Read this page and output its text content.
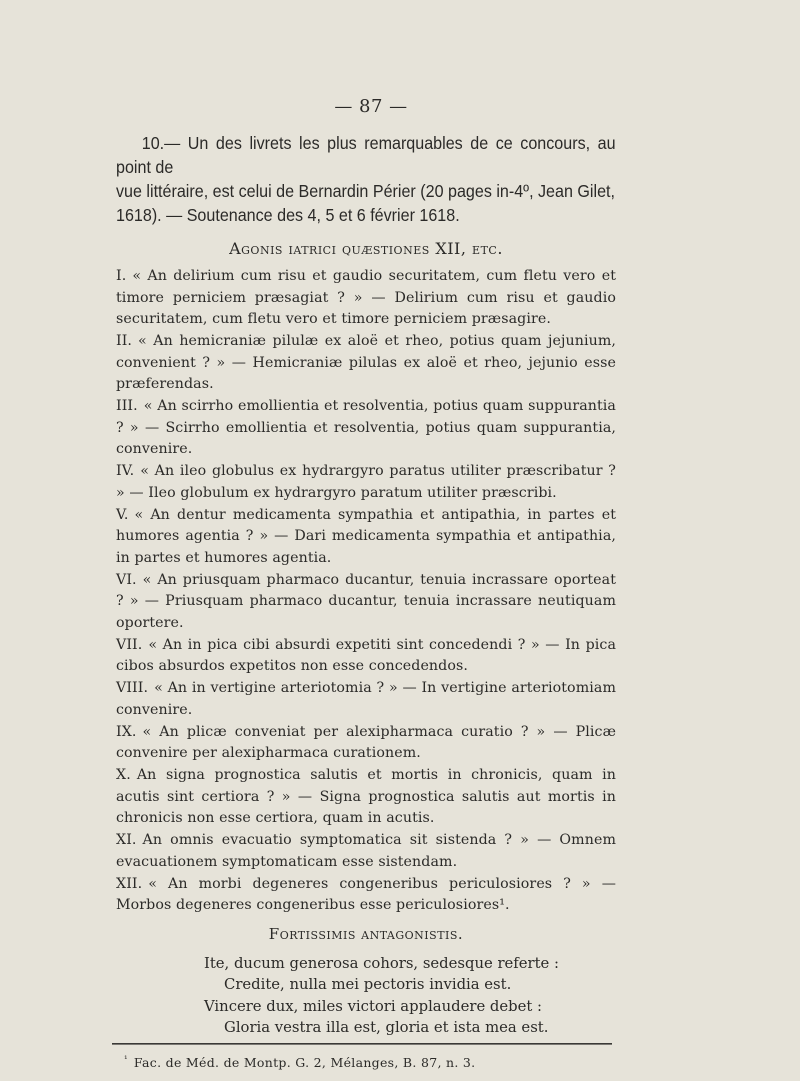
— 87 —

10.— Un des livrets les plus remarquables de ce concours, au point de

vue littéraire, est celui de Bernardin Périer (20 pages in-4º, Jean Gilet,

1618). — Soutenance des 4, 5 et 6 février 1618.

Agonis iatrici quæstiones XII, etc.

I. « An delirium cum risu et gaudio securitatem, cum fletu vero et timore perniciem præsagiat ? » — Delirium cum risu et gaudio securitatem, cum fletu vero et timore perniciem præsagire.

II. « An hemicraniæ pilulæ ex aloë et rheo, potius quam jejunium, convenient ? » — Hemicraniæ pilulas ex aloë et rheo, jejunio esse præferendas.

III. « An scirrho emollientia et resolventia, potius quam suppurantia ? » — Scirrho emollientia et resolventia, potius quam suppurantia, convenire.

IV. « An ileo globulus ex hydrargyro paratus utiliter præscribatur ? » — Ileo globulum ex hydrargyro paratum utiliter præscribi.

V. « An dentur medicamenta sympathia et antipathia, in partes et humores agentia ? » — Dari medicamenta sympathia et antipathia, in partes et humores agentia.

VI. « An priusquam pharmaco ducantur, tenuia incrassare oporteat ? » — Priusquam pharmaco ducantur, tenuia incrassare neutiquam oportere.

VII. « An in pica cibi absurdi expetiti sint concedendi ? » — In pica cibos absurdos expetitos non esse concedendos.

VIII. « An in vertigine arteriotomia ? » — In vertigine arteriotomiam convenire.

IX. « An plicæ conveniat per alexipharmaca curatio ? » — Plicæ convenire per alexipharmaca curationem.

X. An signa prognostica salutis et mortis in chronicis, quam in acutis sint certiora ? » — Signa prognostica salutis aut mortis in chronicis non esse certiora, quam in acutis.

XI. An omnis evacuatio symptomatica sit sistenda ? » — Omnem evacuationem symptomaticam esse sistendam.

XII. « An morbi degeneres congeneribus periculosiores ? » — Morbos degeneres congeneribus esse periculosiores¹.

Fortissimis antagonistis.
Ite, ducum generosa cohors, sedesque referte :
Credite, nulla mei pectoris invidia est.
Vincere dux, miles victori applaudere debet :
Gloria vestra illa est, gloria et ista mea est.
$^{^1}$ Fac. de Méd. de Montp. G. 2, Mélanges, B. 87, n. 3.
